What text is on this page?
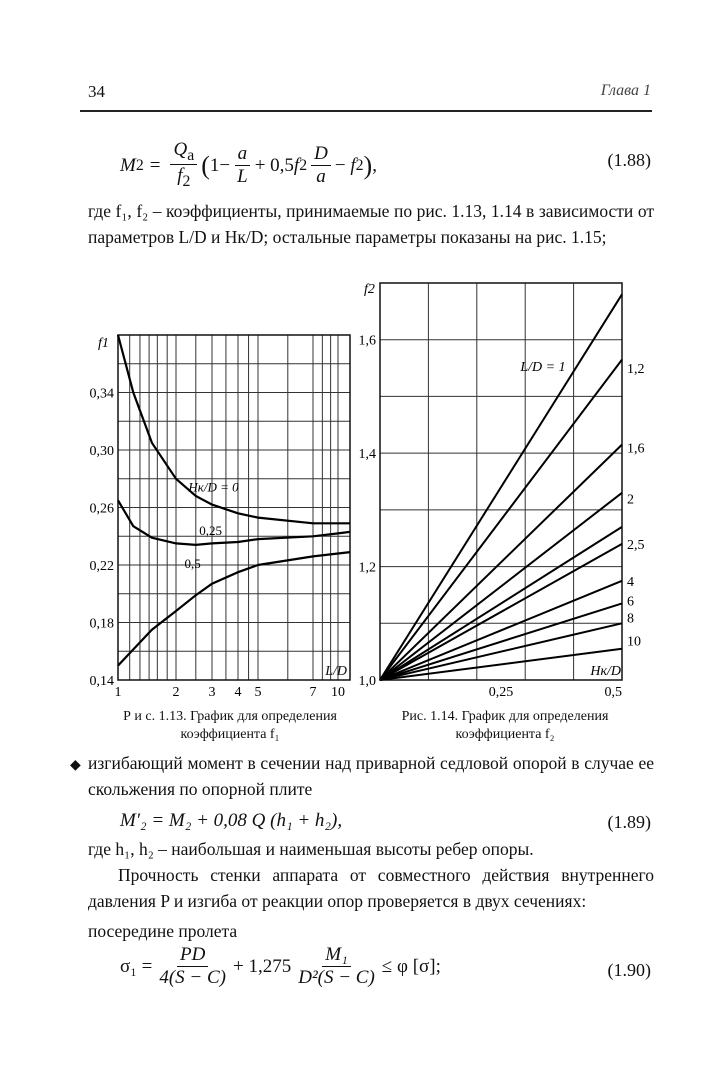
34	Глава 1
M $2 = \frac{Q_а}{f_2}$ ( $1- \frac{a}{L} + 0,5$ f $2 \frac{D}{a}$ −
f 2 ) ,	(1.88)
где f₁, f₂ – коэффициенты, принимаемые по рис. 1.13, 1.14 в зависимости от параметров L/D и Hк/D; остальные параметры показаны на рис. 1.15;
0,14
0,18
0,22
0,26
0,30
0,34
1	2 3 4 5	7 10
f1
L/D
Hк/D = 0
0,25
0,5
1,0
1,2
1,4
1,6
0,25	0,5
f2
Hк/D
L/D = 1	1,2
1,6
2
2,5
4
6
8
10
Р и с. 1.13. График для определения
коэффициента f₁
Рис. 1.14. График для определения
коэффициента f₂
◆ изгибающий момент в сечении над приварной седловой опорой в случае ее скольжения по опорной плите
M′₂ = M₂ + 0,08 Q (h₁ + h₂),	(1.89)
где h₁, h₂ – наибольшая и наименьшая высоты ребер опоры.
Прочность стенки аппарата от совместного действия внутреннего давления P и изгиба от реакции опор проверяется в двух сечениях:
посередине пролета
$\sigma_1 = \frac{PD}{4(S - C)} + 1,275 \frac{\text{M₁}}{\text{D²(S − C)}} \le \varphi$ [σ];	(1.90)
